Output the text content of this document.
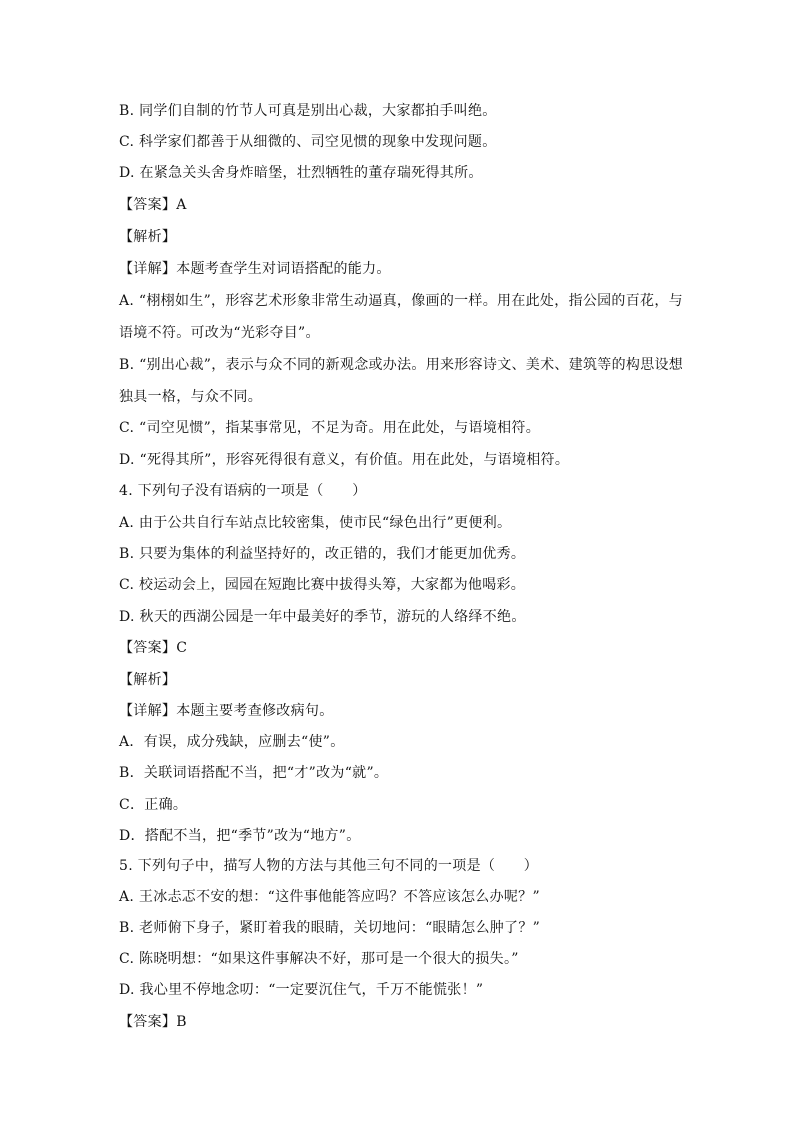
B. 同学们自制的竹节人可真是别出心裁，大家都拍手叫绝。
C. 科学家们都善于从细微的、司空见惯的现象中发现问题。
D. 在紧急关头舍身炸暗堡，壮烈牺牲的董存瑞死得其所。
【答案】A
【解析】
【详解】本题考查学生对词语搭配的能力。
A. “栩栩如生”，形容艺术形象非常生动逼真，像画的一样。用在此处，指公园的百花，与
语境不符。可改为“光彩夺目”。
B. “别出心裁”，表示与众不同的新观念或办法。用来形容诗文、美术、建筑等的构思设想
独具一格，与众不同。
C. “司空见惯”，指某事常见，不足为奇。用在此处，与语境相符。
D. “死得其所”，形容死得很有意义，有价值。用在此处，与语境相符。
4. 下列句子没有语病的一项是（　　）
A. 由于公共自行车站点比较密集，使市民“绿色出行”更便利。
B. 只要为集体的利益坚持好的，改正错的，我们才能更加优秀。
C. 校运动会上，园园在短跑比赛中拔得头筹，大家都为他喝彩。
D. 秋天的西湖公园是一年中最美好的季节，游玩的人络绎不绝。
【答案】C
【解析】
【详解】本题主要考查修改病句。
A．有误，成分残缺，应删去“使”。
B．关联词语搭配不当，把“才”改为“就”。
C．正确。
D．搭配不当，把“季节”改为“地方”。
5. 下列句子中，描写人物的方法与其他三句不同的一项是（　　）
A. 王冰忐忑不安的想：“这件事他能答应吗？不答应该怎么办呢？”
B. 老师俯下身子，紧盯着我的眼睛，关切地问：“眼睛怎么肿了？”
C. 陈晓明想：“如果这件事解决不好，那可是一个很大的损失。”
D. 我心里不停地念叨：“一定要沉住气，千万不能慌张！”
【答案】B
